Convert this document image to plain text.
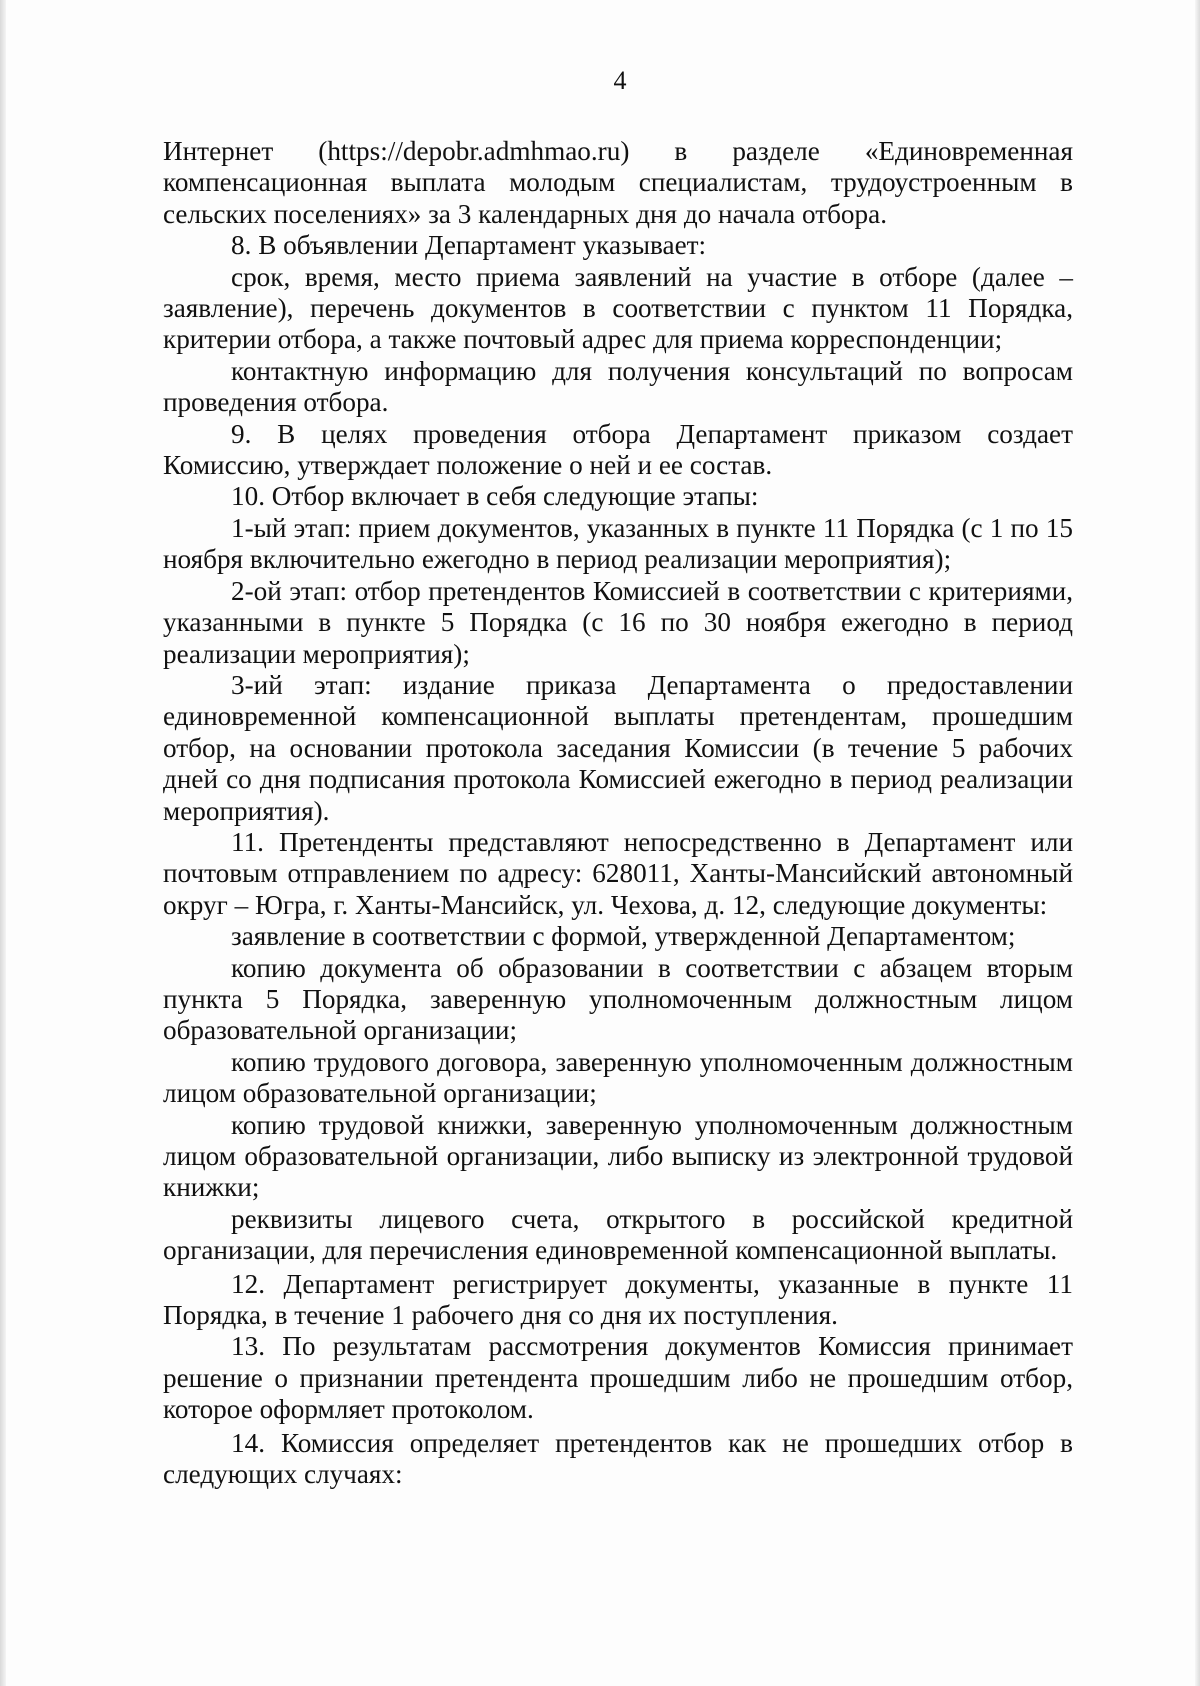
4

Интернет (https://depobr.admhmao.ru) в разделе «Единовременная компенсационная выплата молодым специалистам, трудоустроенным в сельских поселениях» за 3 календарных дня до начала отбора.

8. В объявлении Департамент указывает:

срок, время, место приема заявлений на участие в отборе (далее – заявление), перечень документов в соответствии с пунктом 11 Порядка, критерии отбора, а также почтовый адрес для приема корреспонденции;

контактную информацию для получения консультаций по вопросам проведения отбора.

9. В целях проведения отбора Департамент приказом создает Комиссию, утверждает положение о ней и ее состав.

10. Отбор включает в себя следующие этапы:

1-ый этап: прием документов, указанных в пункте 11 Порядка (с 1 по 15 ноября включительно ежегодно в период реализации мероприятия);

2-ой этап: отбор претендентов Комиссией в соответствии с критериями, указанными в пункте 5 Порядка (с 16 по 30 ноября ежегодно в период реализации мероприятия);

3-ий этап: издание приказа Департамента о предоставлении единовременной компенсационной выплаты претендентам, прошедшим отбор, на основании протокола заседания Комиссии (в течение 5 рабочих дней со дня подписания протокола Комиссией ежегодно в период реализации мероприятия).

11. Претенденты представляют непосредственно в Департамент или почтовым отправлением по адресу: 628011, Ханты-Мансийский автономный округ – Югра, г. Ханты-Мансийск, ул. Чехова, д. 12, следующие документы:

заявление в соответствии с формой, утвержденной Департаментом;

копию документа об образовании в соответствии с абзацем вторым пункта 5 Порядка, заверенную уполномоченным должностным лицом образовательной организации;

копию трудового договора, заверенную уполномоченным должностным лицом образовательной организации;

копию трудовой книжки, заверенную уполномоченным должностным лицом образовательной организации, либо выписку из электронной трудовой книжки;

реквизиты лицевого счета, открытого в российской кредитной организации, для перечисления единовременной компенсационной выплаты.

12. Департамент регистрирует документы, указанные в пункте 11 Порядка, в течение 1 рабочего дня со дня их поступления.

13. По результатам рассмотрения документов Комиссия принимает решение о признании претендента прошедшим либо не прошедшим отбор, которое оформляет протоколом.

14. Комиссия определяет претендентов как не прошедших отбор в следующих случаях:
